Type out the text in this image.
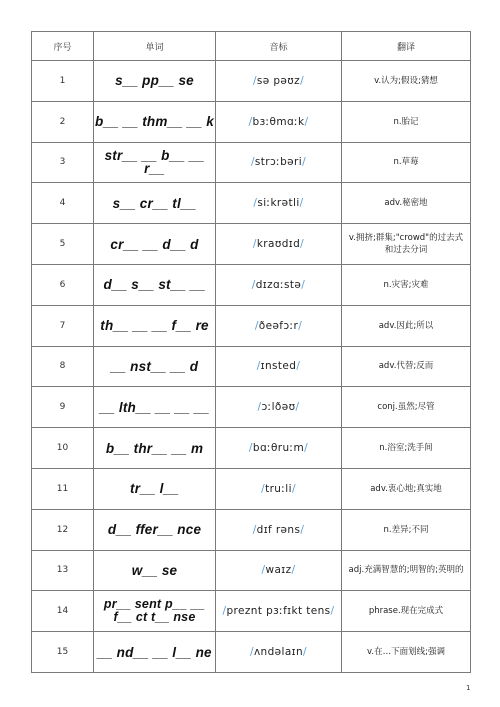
序号	单词	音标	翻译
1	s__ pp__ se	/sə pəʊz/	v.认为;假设;猜想
2	b__ __ thm__ __ k	/bɜːθmɑːk/	n.胎记
3	str__ __ b__ __ r__	/strɔːbəri/	n.草莓
4	s__ cr__ tl__	/siːkrətli/	adv.秘密地
5	cr__ __ d__ d	/kraʊdɪd/	v.拥挤;群集;"crowd"的过去式和过去分词
6	d__ s__ st__ __	/dɪzɑːstə/	n.灾害;灾难
7	th__ __ __ f__ re	/ðeəfɔːr/	adv.因此;所以
8	__ nst__ __ d	/ɪnsted/	adv.代替;反而
9	__ lth__ __ __ __	/ɔːlðəʊ/	conj.虽然;尽管
10	b__ thr__ __ m	/bɑːθruːm/	n.浴室;洗手间
11	tr__ l__	/truːli/	adv.衷心地;真实地
12	d__ ffer__ nce	/dɪf rəns/	n.差异;不同
13	w__ se	/waɪz/	adj.充满智慧的;明智的;英明的
14	pr__ sent p__ __ f__ ct t__ nse	/preznt pɜːfɪkt tens/	phrase.现在完成式
15	__ nd__ __ l__ ne	/ʌndəlaɪn/	v.在…下面划线;强调
1
